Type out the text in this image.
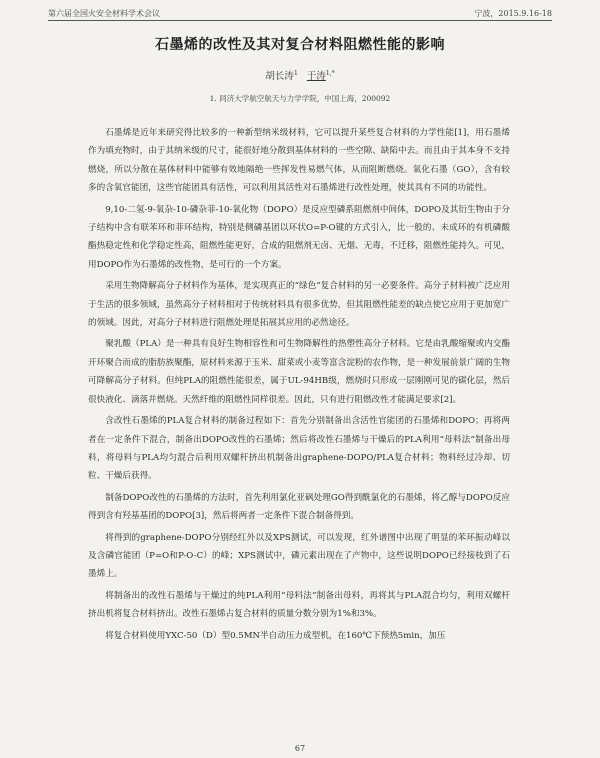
第六届全国火安全材料学术会议	宁波，2015.9.16-18
石墨烯的改性及其对复合材料阻燃性能的影响
胡长涛$^1$ 于涛$^{1,*}$
1. 同济大学航空航天与力学学院，中国上海，200092

石墨烯是近年来研究得比较多的一种新型纳米级材料，它可以提升某些复合材料的力学性能[1]，用石墨烯作为填充物时，由于其纳米级的尺寸，能很好地分散到基体材料的一些空隙、缺陷中去。而且由于其本身不支持燃烧，所以分散在基体材料中能够有效地隔绝一些挥发性易燃气体，从而阻断燃烧。氧化石墨（GO），含有较多的含氧官能团，这些官能团具有活性，可以利用其活性对石墨烯进行改性处理，使其具有不同的功能性。

9,10-二氢-9-氧杂-10-磷杂菲-10-氧化物（DOPO）是反应型磷系阻燃剂中间体，DOPO及其衍生物由于分子结构中含有联苯环和菲环结构，特别是侧磷基团以环状O=P-O键的方式引入，比一般的、未成环的有机磷酸酯热稳定性和化学稳定性高，阻燃性能更好，合成的阻燃剂无卤、无烟、无毒，不迁移，阻燃性能持久。可见，用DOPO作为石墨烯的改性物，是可行的一个方案。

采用生物降解高分子材料作为基体，是实现真正的“绿色”复合材料的另一必要条件。高分子材料被广泛应用于生活的很多领域，虽然高分子材料相对于传统材料具有很多优势，但其阻燃性能差的缺点使它应用于更加宽广的领域。因此，对高分子材料进行阻燃处理是拓展其应用的必然途径。

聚乳酸（PLA）是一种具有良好生物相容性和可生物降解性的热塑性高分子材料。它是由乳酸缩聚或内交酯开环聚合而成的脂肪族聚酯，原材料来源于玉米、甜菜或小麦等富含淀粉的农作物，是一种发展前景广阔的生物可降解高分子材料。但纯PLA的阻燃性能很差，属于UL-94HB级，燃烧时只形成一层刚刚可见的碳化层，然后很快液化、滴落并燃烧。天然纤维的阻燃性同样很差。因此，只有进行阻燃改性才能满足要求[2]。

含改性石墨烯的PLA复合材料的制备过程如下：首先分别制备出含活性官能团的石墨烯和DOPO；再将两者在一定条件下混合，制备出DOPO改性的石墨烯；然后将改性石墨烯与干燥后的PLA利用“母料法”制备出母料，将母料与PLA均匀混合后利用双螺杆挤出机制备出graphene-DOPO/PLA复合材料；物料经过冷却、切粒、干燥后获得。

制备DOPO改性的石墨烯的方法时，首先利用氯化亚砜处理GO得到酰氯化的石墨烯，将乙醇与DOPO反应得到含有羟基基团的DOPO[3]，然后将两者一定条件下混合制备得到。

将得到的graphene-DOPO分别经红外以及XPS测试，可以发现，红外谱图中出现了明显的苯环振动峰以及含磷官能团（P=O和P-O-C）的峰；XPS测试中，磷元素出现在了产物中，这些说明DOPO已经接枝到了石墨烯上。

将制备出的改性石墨烯与干燥过的纯PLA利用“母料法”制备出母料，再将其与PLA混合均匀，利用双螺杆挤出机将复合材料挤出。改性石墨烯占复合材料的质量分数分别为1%和3%。

将复合材料使用YXC-50（D）型0.5MN半自动压力成型机，在160℃下预热5min，加压

67
